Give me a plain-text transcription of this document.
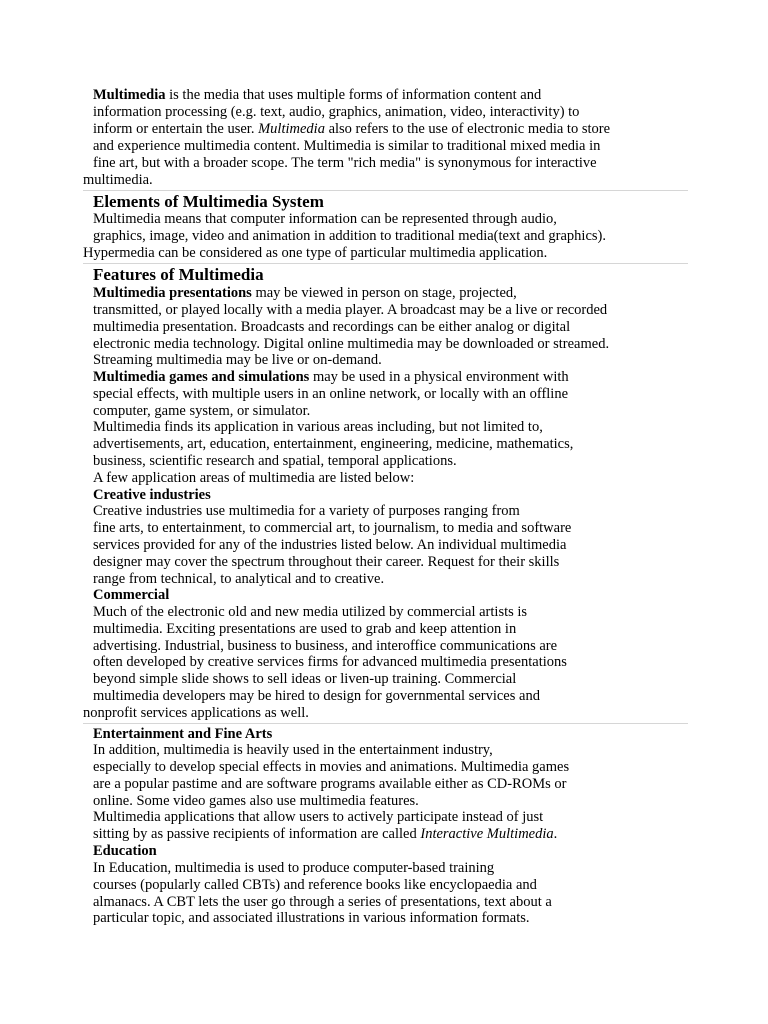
Multimedia is the media that uses multiple forms of information content and

information processing (e.g. text, audio, graphics, animation, video, interactivity) to

inform or entertain the user. Multimedia also refers to the use of electronic media to store

and experience multimedia content. Multimedia is similar to traditional mixed media in

fine art, but with a broader scope. The term "rich media" is synonymous for interactive

multimedia.

Elements of Multimedia System

Multimedia means that computer information can be represented through audio,

graphics, image, video and animation in addition to traditional media(text and graphics).

Hypermedia can be considered as one type of particular multimedia application.

Features of Multimedia

Multimedia presentations may be viewed in person on stage, projected,

transmitted, or played locally with a media player. A broadcast may be a live or recorded

multimedia presentation. Broadcasts and recordings can be either analog or digital

electronic media technology. Digital online multimedia may be downloaded or streamed.

Streaming multimedia may be live or on-demand.

Multimedia games and simulations may be used in a physical environment with

special effects, with multiple users in an online network, or locally with an offline

computer, game system, or simulator.

Multimedia finds its application in various areas including, but not limited to,

advertisements, art, education, entertainment, engineering, medicine, mathematics,

business, scientific research and spatial, temporal applications.

A few application areas of multimedia are listed below:

Creative industries

Creative industries use multimedia for a variety of purposes ranging from

fine arts, to entertainment, to commercial art, to journalism, to media and software

services provided for any of the industries listed below. An individual multimedia

designer may cover the spectrum throughout their career. Request for their skills

range from technical, to analytical and to creative.

Commercial

Much of the electronic old and new media utilized by commercial artists is

multimedia. Exciting presentations are used to grab and keep attention in

advertising. Industrial, business to business, and interoffice communications are

often developed by creative services firms for advanced multimedia presentations

beyond simple slide shows to sell ideas or liven-up training. Commercial

multimedia developers may be hired to design for governmental services and

nonprofit services applications as well.

Entertainment and Fine Arts

In addition, multimedia is heavily used in the entertainment industry,

especially to develop special effects in movies and animations. Multimedia games

are a popular pastime and are software programs available either as CD-ROMs or

online. Some video games also use multimedia features.

Multimedia applications that allow users to actively participate instead of just

sitting by as passive recipients of information are called Interactive Multimedia.

Education

In Education, multimedia is used to produce computer-based training

courses (popularly called CBTs) and reference books like encyclopaedia and

almanacs. A CBT lets the user go through a series of presentations, text about a

particular topic, and associated illustrations in various information formats.
